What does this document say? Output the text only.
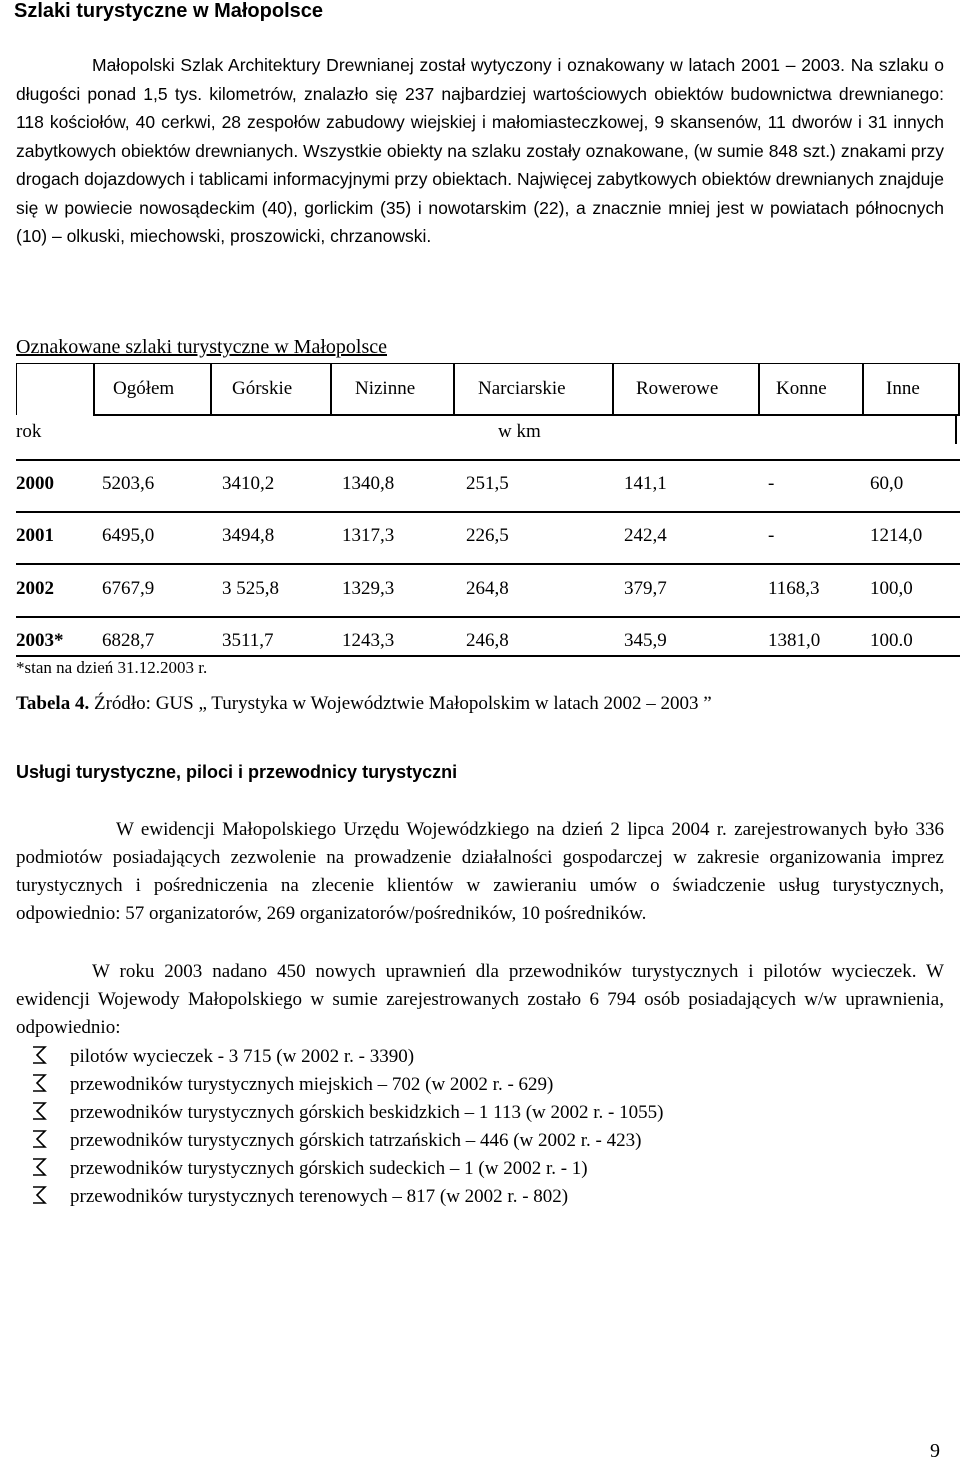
Szlaki turystyczne w Małopolsce

Małopolski Szlak Architektury Drewnianej został wytyczony i oznakowany w latach 2001 – 2003. Na szlaku o długości ponad 1,5 tys. kilometrów, znalazło się 237 najbardziej wartościowych obiektów budownictwa drewnianego: 118 kościołów, 40 cerkwi, 28 zespołów zabudowy wiejskiej i małomiasteczkowej, 9 skansenów, 11 dworów i 31 innych zabytkowych obiektów drewnianych. Wszystkie obiekty na szlaku zostały oznakowane, (w sumie 848 szt.) znakami przy drogach dojazdowych i tablicami informacyjnymi przy obiektach. Najwięcej zabytkowych obiektów drewnianych znajduje się w powiecie nowosądeckim (40), gorlickim (35) i nowotarskim (22), a znacznie mniej jest w powiatach północnych (10) – olkuski, miechowski, proszowicki, chrzanowski.

Oznakowane szlaki turystyczne w Małopolsce
Ogółem	Górskie	Nizinne	Narciarskie	Rowerowe	Konne	Inne
rok	w km
2000	5203,6	3410,2	1340,8	251,5	141,1	-	60,0
2001	6495,0	3494,8	1317,3	226,5	242,4	-	1214,0
2002	6767,9	3 525,8	1329,3	264,8	379,7	1168,3	100,0
2003* 6828,7	3511,7	1243,3	246,8	345,9	1381,0	100.0
*stan na dzień 31.12.2003 r.
Tabela 4. Źródło: GUS „ Turystyka w Województwie Małopolskim w latach 2002 – 2003 ”
Usługi turystyczne, piloci i przewodnicy turystyczni

W ewidencji Małopolskiego Urzędu Wojewódzkiego na dzień 2 lipca 2004 r. zarejestrowanych było 336 podmiotów posiadających zezwolenie na prowadzenie działalności gospodarczej w zakresie organizowania imprez turystycznych i pośredniczenia na zlecenie klientów w zawieraniu umów o świadczenie usług turystycznych, odpowiednio: 57 organizatorów, 269 organizatorów/pośredników, 10 pośredników.

W roku 2003 nadano 450 nowych uprawnień dla przewodników turystycznych i pilotów wycieczek. W ewidencji Wojewody Małopolskiego w sumie zarejestrowanych zostało 6 794 osób posiadających w/w uprawnienia, odpowiednio:

pilotów wycieczek - 3 715 (w 2002 r. - 3390)
przewodników turystycznych miejskich – 702 (w 2002 r. - 629)
przewodników turystycznych górskich beskidzkich – 1 113 (w 2002 r. - 1055)
przewodników turystycznych górskich tatrzańskich – 446 (w 2002 r. - 423)
przewodników turystycznych górskich sudeckich – 1 (w 2002 r. - 1)
przewodników turystycznych terenowych – 817 (w 2002 r. - 802)
9
